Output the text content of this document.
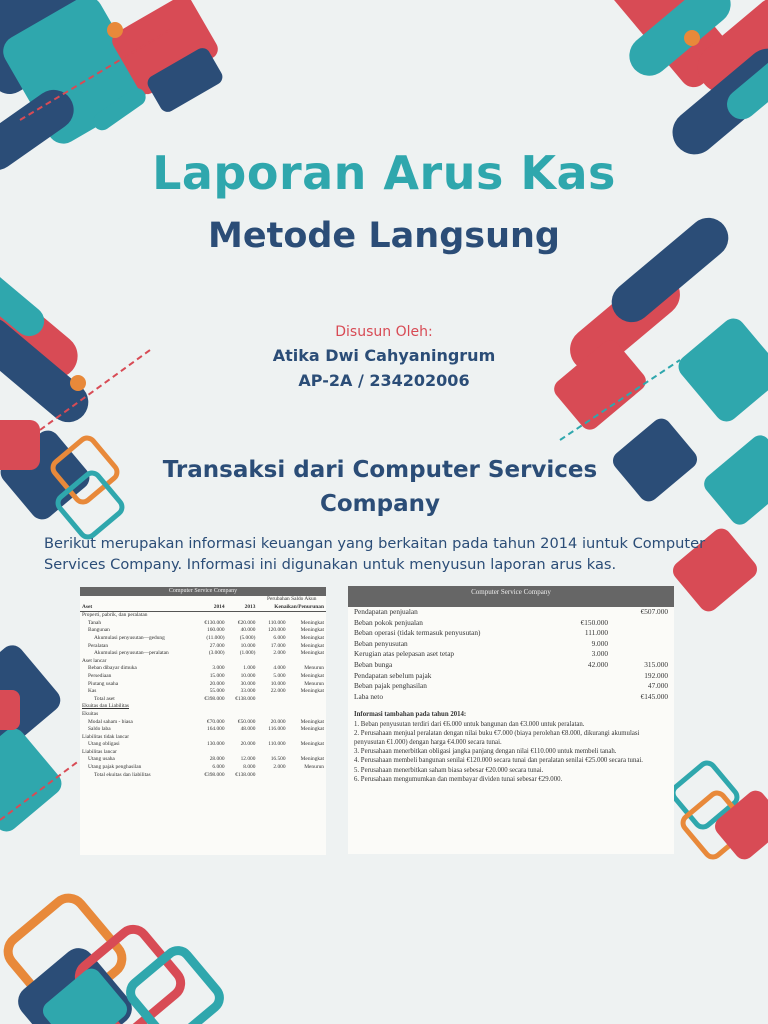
Laporan Arus Kas
Metode Langsung
Disusun Oleh:
Atika Dwi Cahyaningrum
AP-2A / 234202006
Transaksi dari Computer Services Company
Berikut merupakan informasi keuangan yang berkaitan pada tahun 2014 iuntuk Computer Services Company. Informasi ini digunakan untuk menyusun laporan arus kas.
Computer Service Company
			Perubahan Saldo Akun	
Aset	2014	2013	Kenaikan/Penurunan	
Properti, pabrik, dan peralatan				
Tanah	€130.000	€20.000	110.000	Meningkat
Bangunan	160.000	40.000	120.000	Meningkat
Akumulasi penyusutan—gedung	(11.000)	(5.000)	6.000	Meningkat
Peralatan	27.000	10.000	17.000	Meningkat
Akumulasi penyusutan—peralatan	(3.000)	(1.000)	2.000	Meningkat
Aset lancar				
Beban dibayar dimuka	3.000	1.000	4.000	Menurun
Persediaan	15.000	10.000	5.000	Meningkat
Piutang usaha	20.000	30.000	10.000	Menurun
Kas	55.000	33.000	22.000	Meningkat
Total aset	€398.000	€138.000		

Ekuitas dan Liabilitas				
Ekuitas				
Modal saham - biasa	€70.000	€50.000	20.000	Meningkat
Saldo laba	164.000	48.000	116.000	Meningkat
Liabilitas tidak lancar				
Utang obligasi	130.000	20.000	110.000	Meningkat
Liabilitas lancar				
Utang usaha	28.000	12.000	16.500	Meningkat
Utang pajak penghasilan	6.000	8.000	2.000	Menurun
Total ekuitas dan liabilitas	€398.000	€138.000		
Computer Service Company
Pendapatan penjualan	€507.000
Beban pokok penjualan	€150.000
Beban operasi (tidak termasuk penyusutan)	111.000
Beban penyusutan	9.000
Kerugian atas pelepasan aset tetap	3.000
Beban bunga	42.000	315.000
Pendapatan sebelum pajak	192.000
Beban pajak penghasilan	47.000
Laba neto	€145.000
Informasi tambahan pada tahun 2014:
1. Beban penyusutan terdiri dari €6.000 untuk bangunan dan €3.000 untuk peralatan.
2. Perusahaan menjual peralatan dengan nilai buku €7.000 (biaya perolehan €8.000, dikurangi akumulasi penyusutan €1.000) dengan harga €4.000 secara tunai.
3. Perusahaan menerbitkan obligasi jangka panjang dengan nilai €110.000 untuk membeli tanah.
4. Perusahaan membeli bangunan senilai €120.000 secara tunai dan peralatan senilai €25.000 secara tunai.
5. Perusahaan menerbitkan saham biasa sebesar €20.000 secara tunai.
6. Perusahaan mengumumkan dan membayar dividen tunai sebesar €29.000.
